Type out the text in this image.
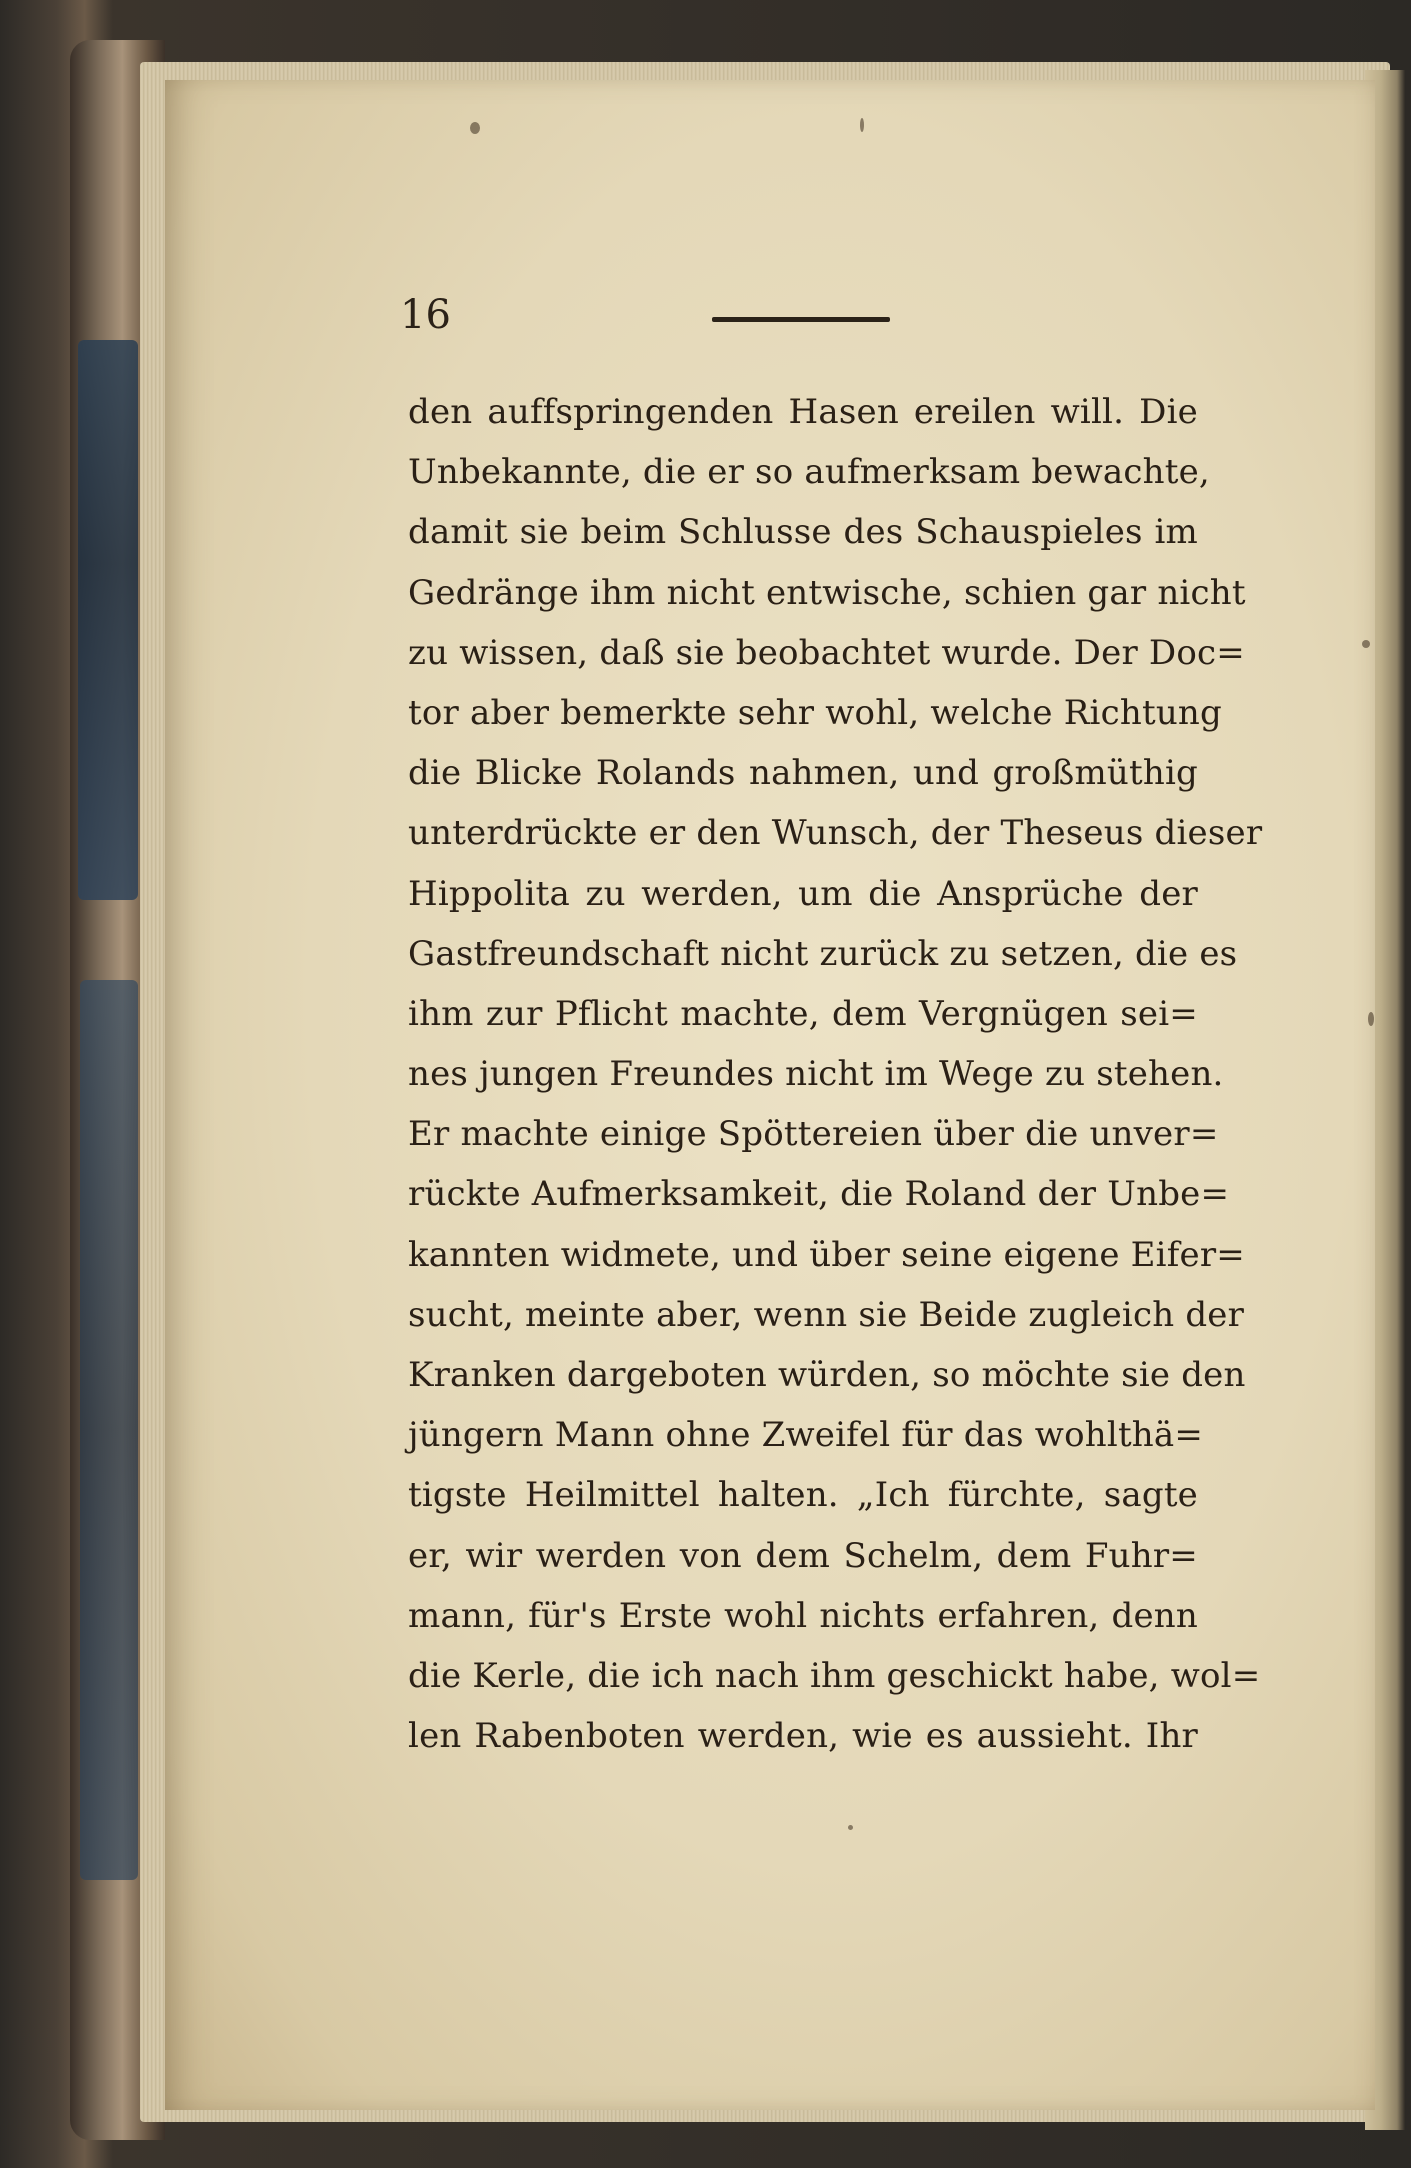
16

den auffspringenden Hasen ereilen will. Die
Unbekannte, die er so aufmerksam bewachte,
damit sie beim Schlusse des Schauspieles im
Gedränge ihm nicht entwische, schien gar nicht
zu wissen, daß sie beobachtet wurde. Der Doc=
tor aber bemerkte sehr wohl, welche Richtung
die Blicke Rolands nahmen, und großmüthig
unterdrückte er den Wunsch, der Theseus dieser
Hippolita zu werden, um die Ansprüche der
Gastfreundschaft nicht zurück zu setzen, die es
ihm zur Pflicht machte, dem Vergnügen sei=
nes jungen Freundes nicht im Wege zu stehen.
Er machte einige Spöttereien über die unver=
rückte Aufmerksamkeit, die Roland der Unbe=
kannten widmete, und über seine eigene Eifer=
sucht, meinte aber, wenn sie Beide zugleich der
Kranken dargeboten würden, so möchte sie den
jüngern Mann ohne Zweifel für das wohlthä=
tigste Heilmittel halten. „Ich fürchte, sagte
er, wir werden von dem Schelm, dem Fuhr=
mann, für's Erste wohl nichts erfahren, denn
die Kerle, die ich nach ihm geschickt habe, wol=
len Rabenboten werden, wie es aussieht. Ihr
